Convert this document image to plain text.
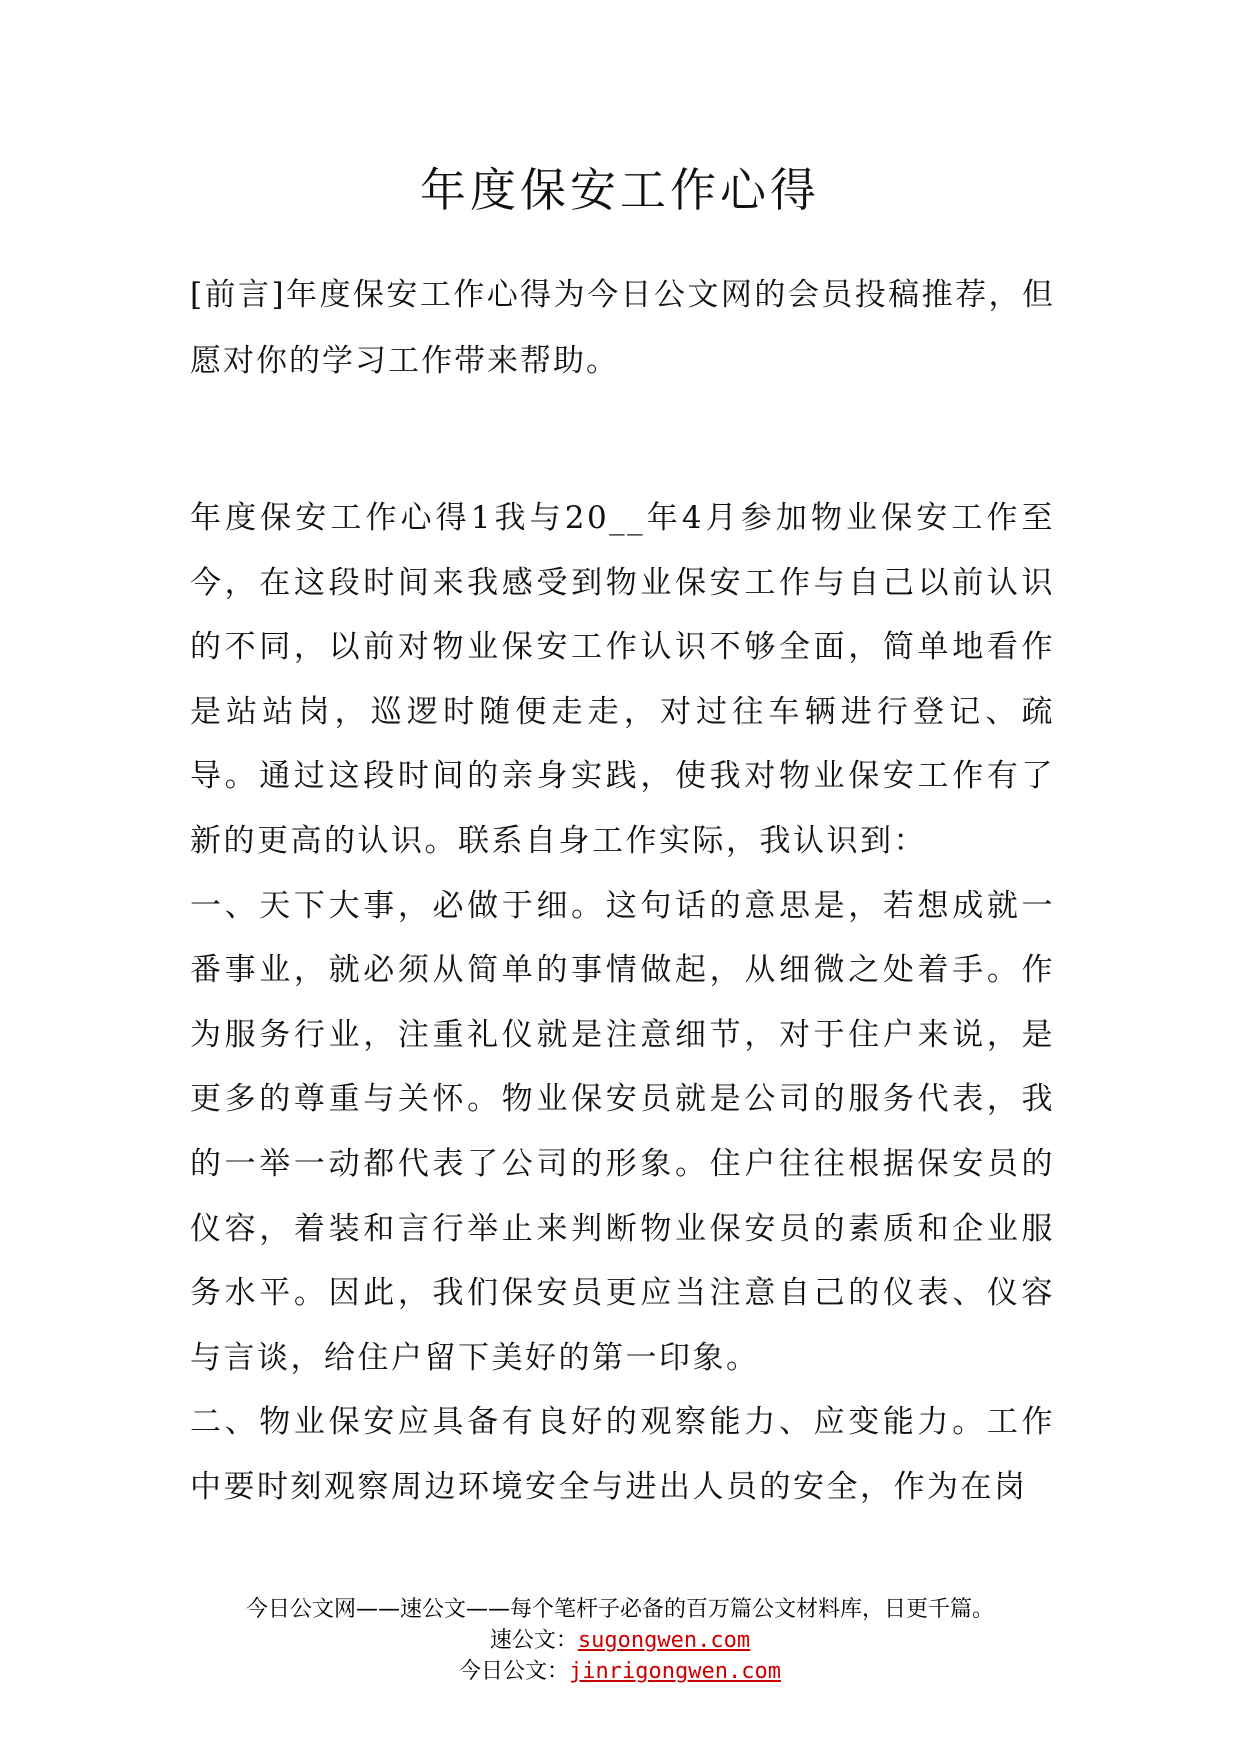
年度保安工作心得
[前言]年度保安工作心得为今日公文网的会员投稿推荐，但愿对你的学习工作带来帮助。

年度保安工作心得1我与20__年4月参加物业保安工作至今，在这段时间来我感受到物业保安工作与自己以前认识的不同，以前对物业保安工作认识不够全面，简单地看作是站站岗，巡逻时随便走走，对过往车辆进行登记、疏导。通过这段时间的亲身实践，使我对物业保安工作有了新的更高的认识。联系自身工作实际，我认识到：

一、天下大事，必做于细。这句话的意思是，若想成就一番事业，就必须从简单的事情做起，从细微之处着手。作为服务行业，注重礼仪就是注意细节，对于住户来说，是更多的尊重与关怀。物业保安员就是公司的服务代表，我的一举一动都代表了公司的形象。住户往往根据保安员的仪容，着装和言行举止来判断物业保安员的素质和企业服务水平。因此，我们保安员更应当注意自己的仪表、仪容与言谈，给住户留下美好的第一印象。

二、物业保安应具备有良好的观察能力、应变能力。工作中要时刻观察周边环境安全与进出人员的安全，作为在岗

今日公文网——速公文——每个笔杆子必备的百万篇公文材料库，日更千篇。
速公文：sugongwen.com
今日公文：jinrigongwen.com
